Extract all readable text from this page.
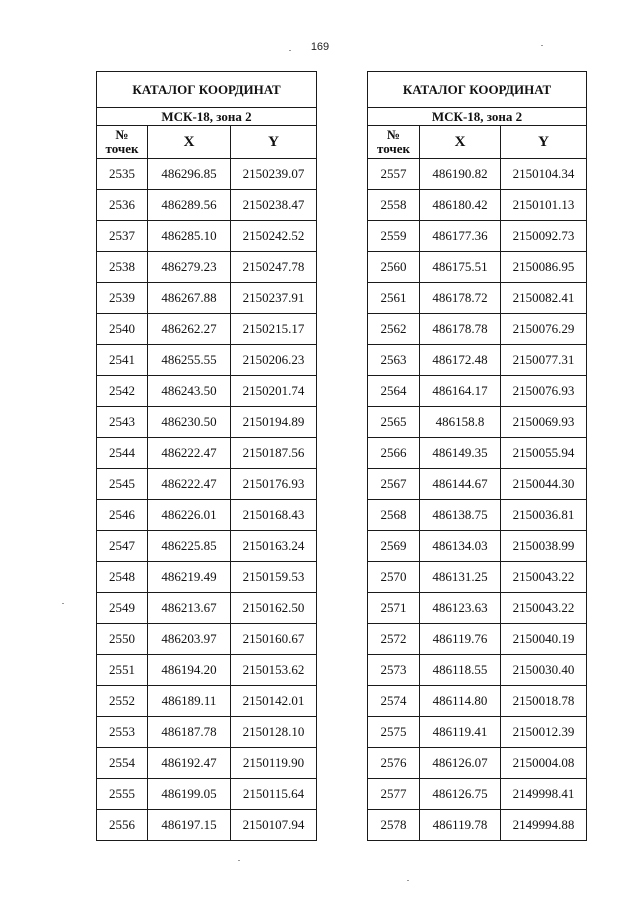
169
КАТАЛОГ КООРДИНАТ		
МСК-18, зона 2		
№
точек	X	Y
2535	486296.85	2150239.07
2536	486289.56	2150238.47
2537	486285.10	2150242.52
2538	486279.23	2150247.78
2539	486267.88	2150237.91
2540	486262.27	2150215.17
2541	486255.55	2150206.23
2542	486243.50	2150201.74
2543	486230.50	2150194.89
2544	486222.47	2150187.56
2545	486222.47	2150176.93
2546	486226.01	2150168.43
2547	486225.85	2150163.24
2548	486219.49	2150159.53
2549	486213.67	2150162.50
2550	486203.97	2150160.67
2551	486194.20	2150153.62
2552	486189.11	2150142.01
2553	486187.78	2150128.10
2554	486192.47	2150119.90
2555	486199.05	2150115.64
2556	486197.15	2150107.94
КАТАЛОГ КООРДИНАТ		
МСК-18, зона 2		
№
точек	X	Y
2557	486190.82	2150104.34
2558	486180.42	2150101.13
2559	486177.36	2150092.73
2560	486175.51	2150086.95
2561	486178.72	2150082.41
2562	486178.78	2150076.29
2563	486172.48	2150077.31
2564	486164.17	2150076.93
2565	486158.8	2150069.93
2566	486149.35	2150055.94
2567	486144.67	2150044.30
2568	486138.75	2150036.81
2569	486134.03	2150038.99
2570	486131.25	2150043.22
2571	486123.63	2150043.22
2572	486119.76	2150040.19
2573	486118.55	2150030.40
2574	486114.80	2150018.78
2575	486119.41	2150012.39
2576	486126.07	2150004.08
2577	486126.75	2149998.41
2578	486119.78	2149994.88
